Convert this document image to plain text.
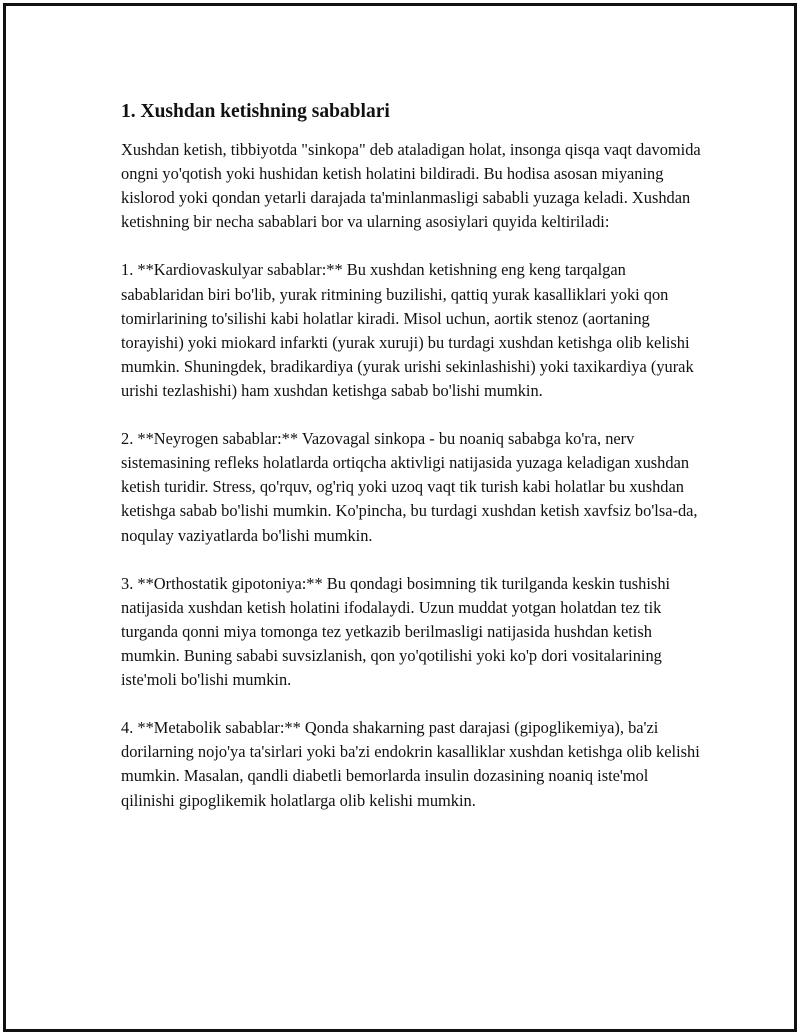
1. Xushdan ketishning sabablari

Xushdan ketish, tibbiyotda "sinkopa" deb ataladigan holat, insonga qisqa vaqt davomida ongni yo'qotish yoki hushidan ketish holatini bildiradi. Bu hodisa asosan miyaning kislorod yoki qondan yetarli darajada ta'minlanmasligi sababli yuzaga keladi. Xushdan ketishning bir necha sabablari bor va ularning asosiylari quyida keltiriladi:

1. **Kardiovaskulyar sabablar:** Bu xushdan ketishning eng keng tarqalgan sabablaridan biri bo'lib, yurak ritmining buzilishi, qattiq yurak kasalliklari yoki qon tomirlarining to'silishi kabi holatlar kiradi. Misol uchun, aortik stenoz (aortaning torayishi) yoki miokard infarkti (yurak xuruji) bu turdagi xushdan ketishga olib kelishi mumkin. Shuningdek, bradikardiya (yurak urishi sekinlashishi) yoki taxikardiya (yurak urishi tezlashishi) ham xushdan ketishga sabab bo'lishi mumkin.

2. **Neyrogen sabablar:** Vazovagal sinkopa - bu noaniq sababga ko'ra, nerv sistemasining refleks holatlarda ortiqcha aktivligi natijasida yuzaga keladigan xushdan ketish turidir. Stress, qo'rquv, og'riq yoki uzoq vaqt tik turish kabi holatlar bu xushdan ketishga sabab bo'lishi mumkin. Ko'pincha, bu turdagi xushdan ketish xavfsiz bo'lsa-da, noqulay vaziyatlarda bo'lishi mumkin.

3. **Orthostatik gipotoniya:** Bu qondagi bosimning tik turilganda keskin tushishi natijasida xushdan ketish holatini ifodalaydi. Uzun muddat yotgan holatdan tez tik turganda qonni miya tomonga tez yetkazib berilmasligi natijasida hushdan ketish mumkin. Buning sababi suvsizlanish, qon yo'qotilishi yoki ko'p dori vositalarining iste'moli bo'lishi mumkin.

4. **Metabolik sabablar:** Qonda shakarning past darajasi (gipoglikemiya), ba'zi dorilarning nojo'ya ta'sirlari yoki ba'zi endokrin kasalliklar xushdan ketishga olib kelishi mumkin. Masalan, qandli diabetli bemorlarda insulin dozasining noaniq iste'mol qilinishi gipoglikemik holatlarga olib kelishi mumkin.
